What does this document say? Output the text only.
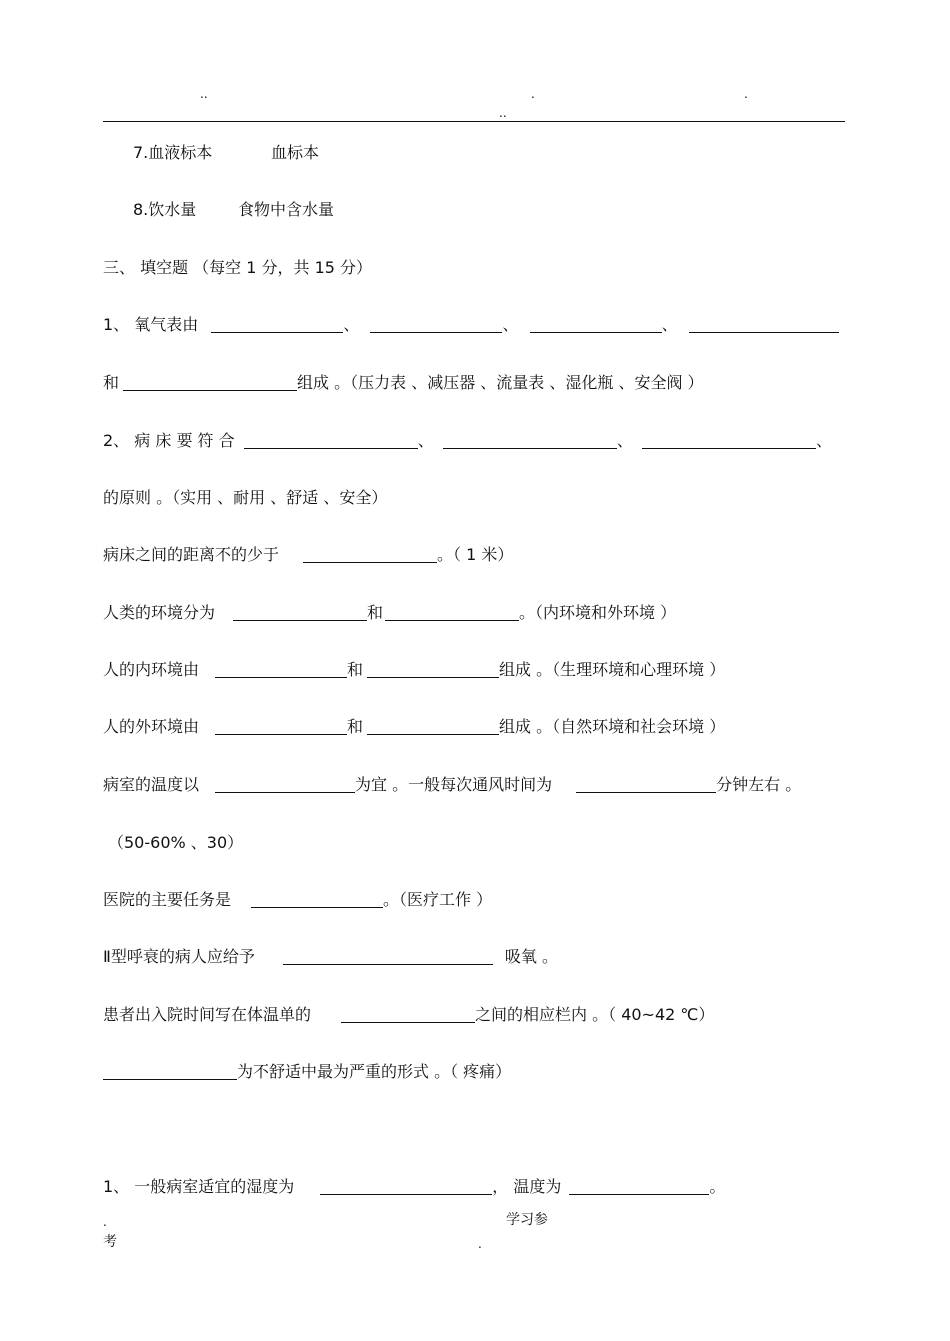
..	.	.
..
7.血液标本	血标本
8.饮水量	食物中含水量
三、 填空题 （每空 1 分，共 15 分）
1、 氧气表由	、	、	、
和	组成 。（压力表 、减压器 、流量表 、湿化瓶 、安全阀 ）
2、 病 床 要 符 合	、	、	、
的原则 。（实用 、耐用 、舒适 、安全）
病床之间的距离不的少于	。（ 1 米）
人类的环境分为	和	。（内环境和外环境 ）
人的内环境由	和	组成 。（生理环境和心理环境 ）
人的外环境由	和	组成 。（自然环境和社会环境 ）
病室的温度以	为宜 。一般每次通风时间为	分钟左右 。
（50-60% 、30）
医院的主要任务是	。（医疗工作 ）
Ⅱ型呼衰的病人应给予	吸氧 。
患者出入院时间写在体温单的	之间的相应栏内 。（ 40~42 ℃）
为不舒适中最为严重的形式 。（ 疼痛）
1、 一般病室适宜的湿度为	， 温度为	。
.	学习参
考	.
